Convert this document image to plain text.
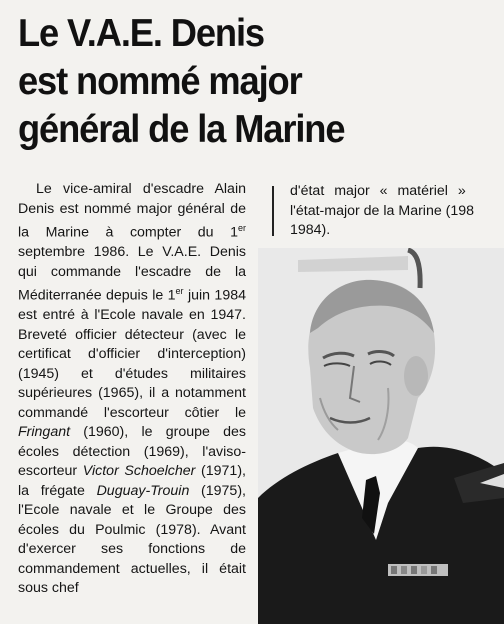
Le V.A.E. Denis
est nommé major
général de la Marine

Le vice-amiral d'escadre Alain Denis est nommé major général de la Marine à compter du 1er septembre 1986. Le V.A.E. Denis qui commande l'escadre de la Méditerranée depuis le 1er juin 1984 est entré à l'Ecole navale en 1947. Breveté officier détecteur (avec le certificat d'officier d'interception) (1945) et d'études militaires supérieures (1965), il a notamment commandé l'escorteur côtier le Fringant (1960), le groupe des écoles détection (1969), l'aviso-escorteur Victor Schoelcher (1971), la frégate Duguay-Trouin (1975), l'Ecole navale et le Groupe des écoles du Poulmic (1978). Avant d'exercer ses fonctions de commandement actuelles, il était sous chef

d'état major « matériel »
l'état-major de la Marine (198
1984).
